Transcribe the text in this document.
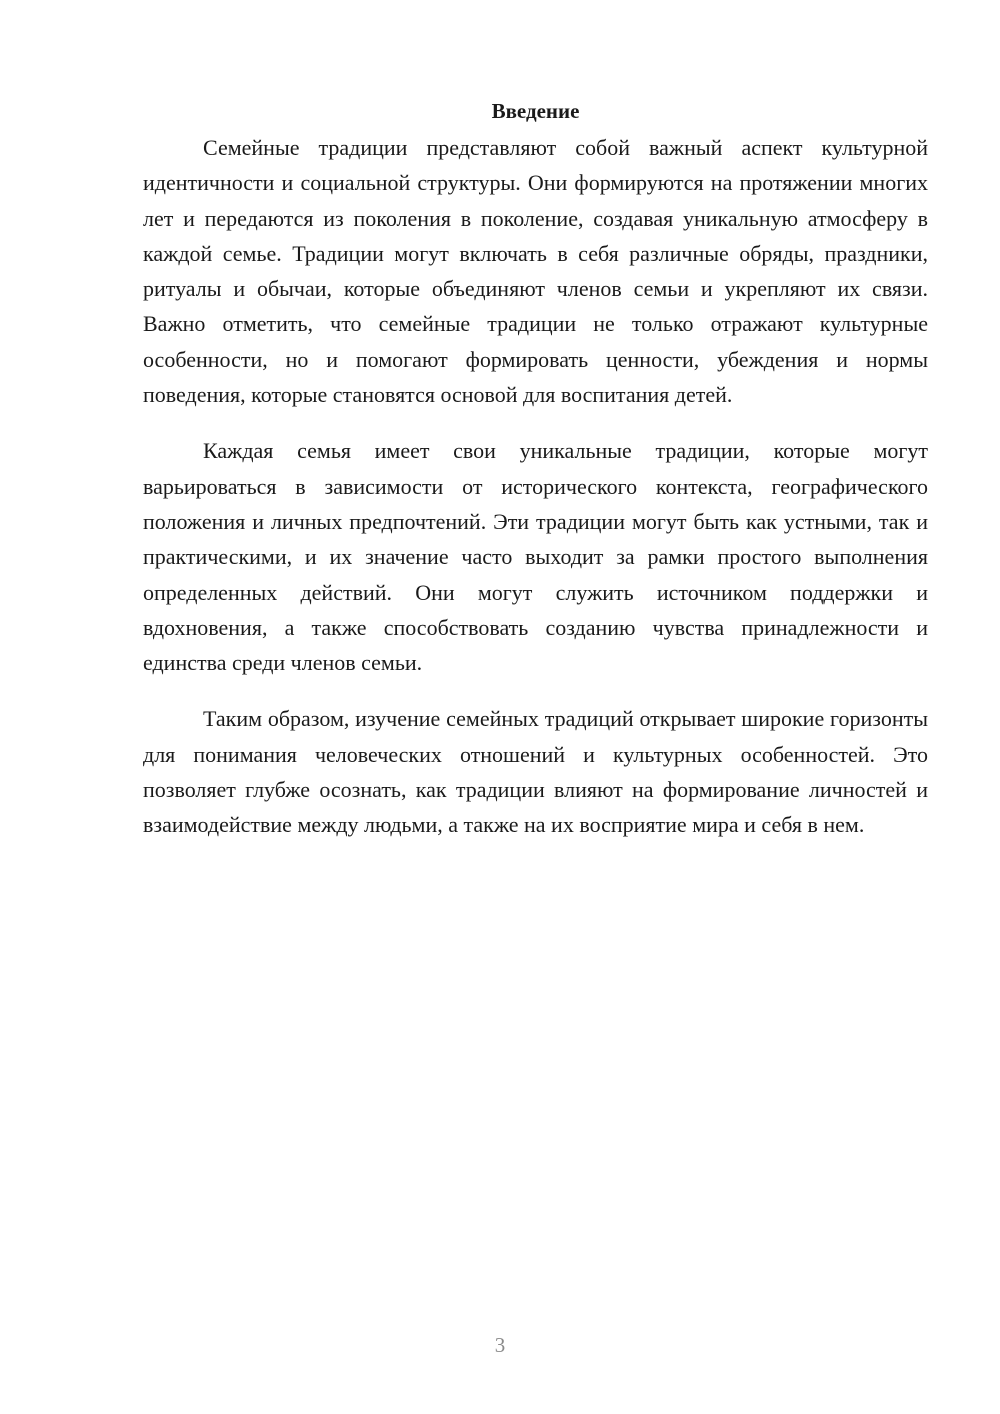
Введение

Семейные традиции представляют собой важный аспект культурной идентичности и социальной структуры. Они формируются на протяжении многих лет и передаются из поколения в поколение, создавая уникальную атмосферу в каждой семье. Традиции могут включать в себя различные обряды, праздники, ритуалы и обычаи, которые объединяют членов семьи и укрепляют их связи. Важно отметить, что семейные традиции не только отражают культурные особенности, но и помогают формировать ценности, убеждения и нормы поведения, которые становятся основой для воспитания детей.

Каждая семья имеет свои уникальные традиции, которые могут варьироваться в зависимости от исторического контекста, географического положения и личных предпочтений. Эти традиции могут быть как устными, так и практическими, и их значение часто выходит за рамки простого выполнения определенных действий. Они могут служить источником поддержки и вдохновения, а также способствовать созданию чувства принадлежности и единства среди членов семьи.

Таким образом, изучение семейных традиций открывает широкие горизонты для понимания человеческих отношений и культурных особенностей. Это позволяет глубже осознать, как традиции влияют на формирование личностей и взаимодействие между людьми, а также на их восприятие мира и себя в нем.

3
